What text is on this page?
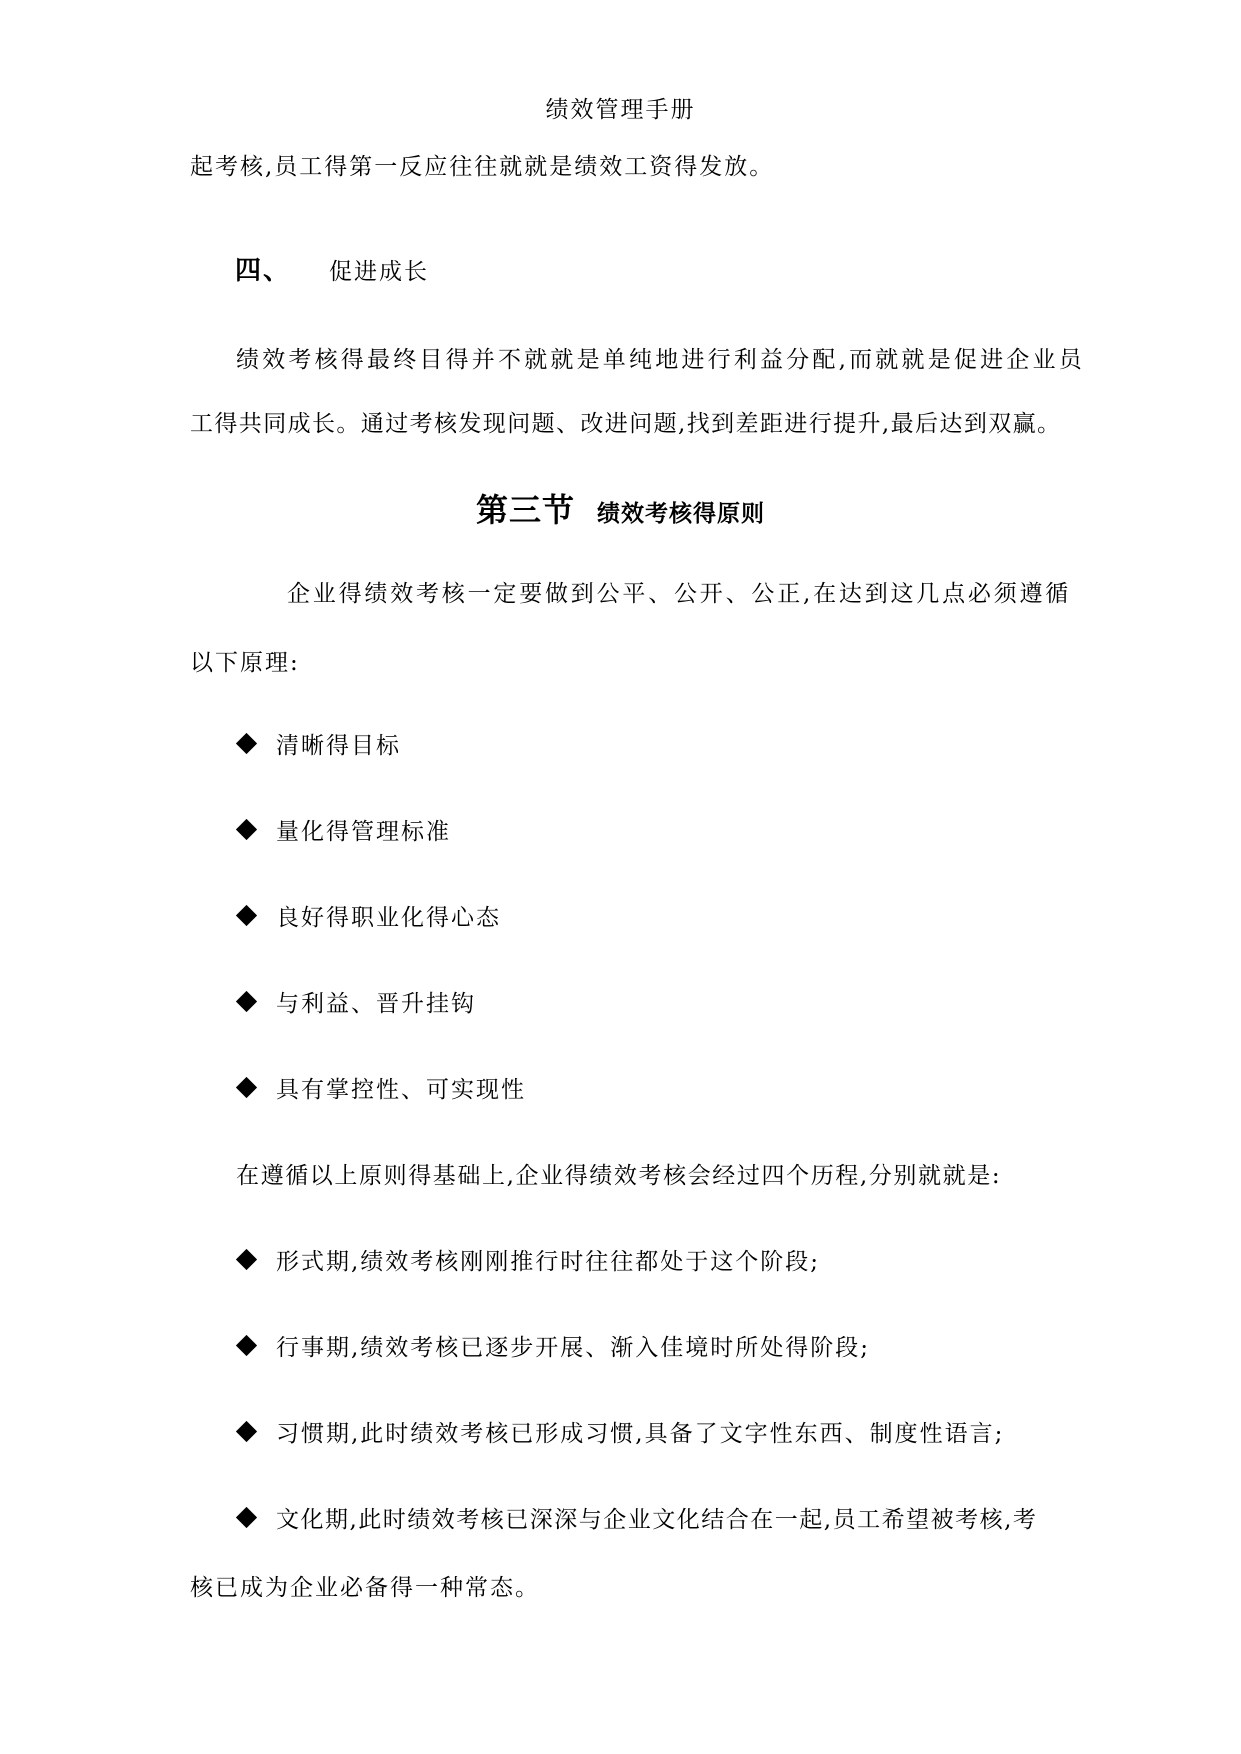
绩效管理手册
起考核,员工得第一反应往往就就是绩效工资得发放。
四、 促进成长
绩效考核得最终目得并不就就是单纯地进行利益分配,而就就是促进企业员
工得共同成长。通过考核发现问题、改进问题,找到差距进行提升,最后达到双赢。
第三节 绩效考核得原则
企业得绩效考核一定要做到公平、公开、公正,在达到这几点必须遵循
以下原理:
清晰得目标
量化得管理标准
良好得职业化得心态
与利益、晋升挂钩
具有掌控性、可实现性
在遵循以上原则得基础上,企业得绩效考核会经过四个历程,分别就就是:
形式期,绩效考核刚刚推行时往往都处于这个阶段;
行事期,绩效考核已逐步开展、渐入佳境时所处得阶段;
习惯期,此时绩效考核已形成习惯,具备了文字性东西、制度性语言;
文化期,此时绩效考核已深深与企业文化结合在一起,员工希望被考核,考
核已成为企业必备得一种常态。
